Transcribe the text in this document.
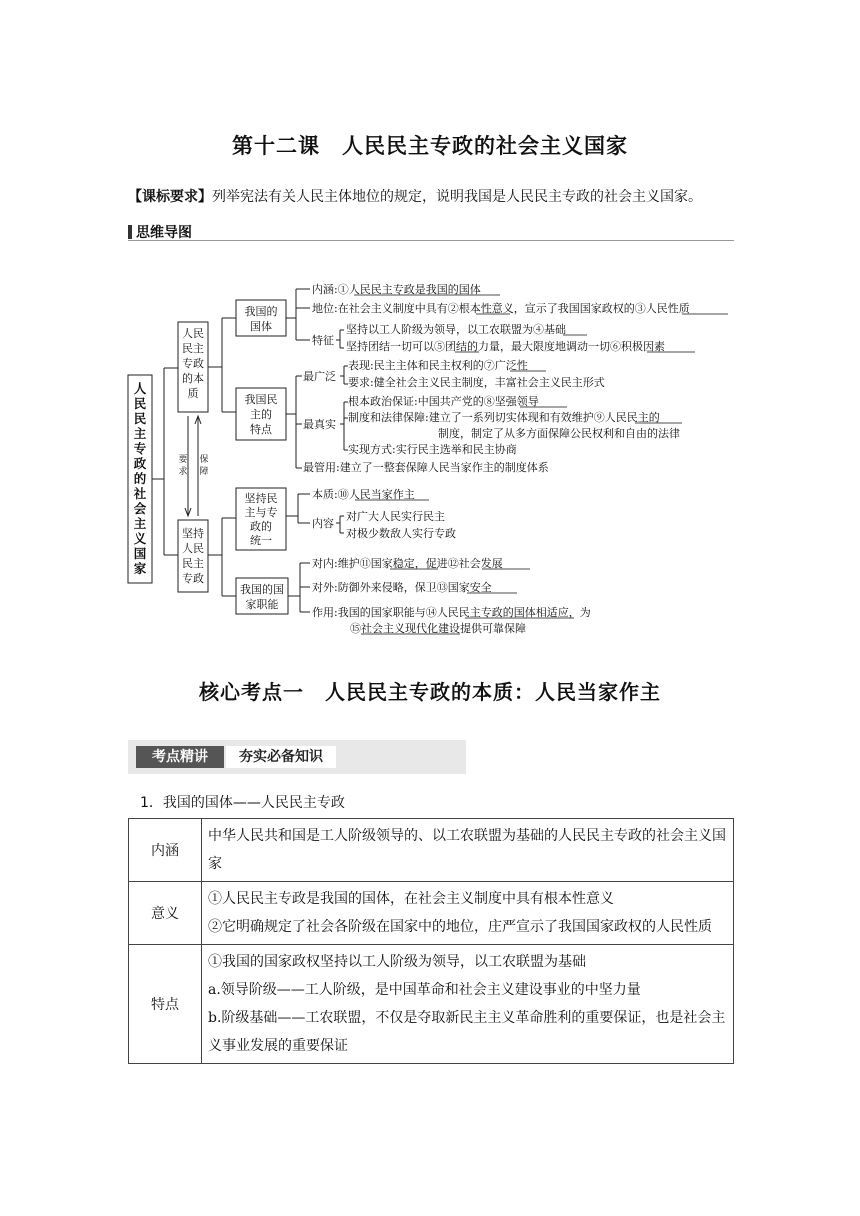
第十二课　人民民主专政的社会主义国家
【课标要求】列举宪法有关人民主体地位的规定，说明我国是人民民主专政的社会主义国家。
思维导图
人
民
民
主
专
政
的
社
会
主
义
国
家
人民
民主
专政
的本
质
坚持
人民
民主
专政
要
求
保
障
我国的
国体
我国民
主的
特点
坚持民
主与专
政的
统一
我国的国
家职能
内涵:①人民民主专政是我国的国体
地位:在社会主义制度中具有②根本性意义，宣示了我国国家政权的③人民性质
特征
坚持以工人阶级为领导，以工农联盟为④基础
坚持团结一切可以⑤团结的力量，最大限度地调动一切⑥积极因素
最广泛
表现:民主主体和民主权利的⑦广泛性
要求:健全社会主义民主制度，丰富社会主义民主形式
最真实
根本政治保证:中国共产党的⑧坚强领导
制度和法律保障:建立了一系列切实体现和有效维护⑨人民民主的
制度，制定了从多方面保障公民权利和自由的法律
实现方式:实行民主选举和民主协商
最管用:建立了一整套保障人民当家作主的制度体系
本质:⑩人民当家作主
内容
对广大人民实行民主
对极少数敌人实行专政
对内:维护⑪国家稳定，促进⑫社会发展
对外:防御外来侵略，保卫⑬国家安全
作用:我国的国家职能与⑭人民民主专政的国体相适应，为
⑮社会主义现代化建设提供可靠保障
核心考点一　人民民主专政的本质：人民当家作主
考点精讲	夯实必备知识
1．我国的国体——人民民主专政
内涵	中华人民共和国是工人阶级领导的、以工农联盟为基础的人民民主专政的社会主义国家

意义	①人民民主专政是我国的国体，在社会主义制度中具有根本性意义
②它明确规定了社会各阶级在国家中的地位，庄严宣示了我国国家政权的人民性质

特点	①我国的国家政权坚持以工人阶级为领导，以工农联盟为基础
a.领导阶级——工人阶级，是中国革命和社会主义建设事业的中坚力量
b.阶级基础——工农联盟，不仅是夺取新民主主义革命胜利的重要保证，也是社会主义事业发展的重要保证
